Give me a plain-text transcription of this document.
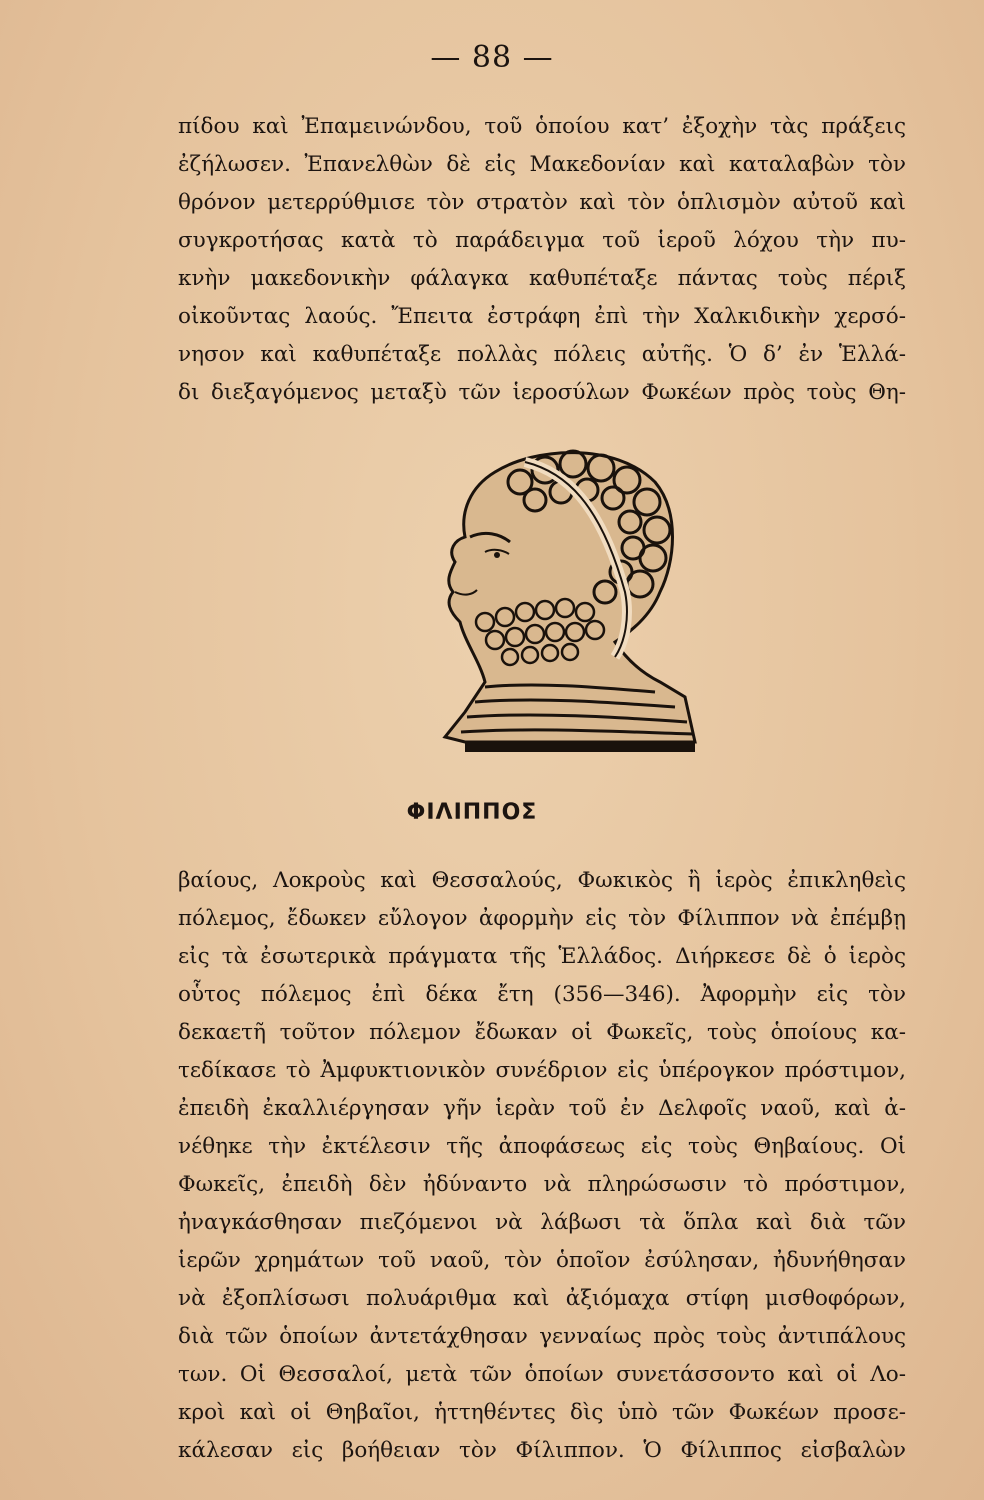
— 88 —
πίδου καὶ Ἐπαμεινώνδου, τοῦ ὁποίου κατ’ ἐξοχὴν τὰς πράξεις
ἐζήλωσεν. Ἐπανελθὼν δὲ εἰς Μακεδονίαν καὶ καταλαβὼν τὸν
θρόνον μετερρύθμισε τὸν στρατὸν καὶ τὸν ὁπλισμὸν αὐτοῦ καὶ
συγκροτήσας κατὰ τὸ παράδειγμα τοῦ ἱεροῦ λόχου τὴν πυ-
κνὴν μακεδονικὴν φάλαγκα καθυπέταξε πάντας τοὺς πέριξ
οἰκοῦντας λαούς. Ἔπειτα ἐστράφη ἐπὶ τὴν Χαλκιδικὴν χερσό-
νησον καὶ καθυπέταξε πολλὰς πόλεις αὐτῆς. Ὁ δ’ ἐν Ἑλλά-
δι διεξαγόμενος μεταξὺ τῶν ἱεροσύλων Φωκέων πρὸς τοὺς Θη-
ΦΙΛΙΠΠΟΣ
βαίους, Λοκροὺς καὶ Θεσσαλούς, Φωκικὸς ἢ ἱερὸς ἐπικληθεὶς
πόλεμος, ἔδωκεν εὔλογον ἀφορμὴν εἰς τὸν Φίλιππον νὰ ἐπέμβῃ
εἰς τὰ ἐσωτερικὰ πράγματα τῆς Ἑλλάδος. Διήρκεσε δὲ ὁ ἱερὸς
οὗτος πόλεμος ἐπὶ δέκα ἔτη (356—346). Ἀφορμὴν εἰς τὸν
δεκαετῆ τοῦτον πόλεμον ἔδωκαν οἱ Φωκεῖς, τοὺς ὁποίους κα-
τεδίκασε τὸ Ἀμφυκτιονικὸν συνέδριον εἰς ὑπέρογκον πρόστιμον,
ἐπειδὴ ἐκαλλιέργησαν γῆν ἱερὰν τοῦ ἐν Δελφοῖς ναοῦ, καὶ ἀ-
νέθηκε τὴν ἐκτέλεσιν τῆς ἀποφάσεως εἰς τοὺς Θηβαίους. Οἱ
Φωκεῖς, ἐπειδὴ δὲν ἠδύναντο νὰ πληρώσωσιν τὸ πρόστιμον,
ἠναγκάσθησαν πιεζόμενοι νὰ λάβωσι τὰ ὅπλα καὶ διὰ τῶν
ἱερῶν χρημάτων τοῦ ναοῦ, τὸν ὁποῖον ἐσύλησαν, ἠδυνήθησαν
νὰ ἐξοπλίσωσι πολυάριθμα καὶ ἀξιόμαχα στίφη μισθοφόρων,
διὰ τῶν ὁποίων ἀντετάχθησαν γενναίως πρὸς τοὺς ἀντιπάλους
των. Οἱ Θεσσαλοί, μετὰ τῶν ὁποίων συνετάσσοντο καὶ οἱ Λο-
κροὶ καὶ οἱ Θηβαῖοι, ἡττηθέντες δὶς ὑπὸ τῶν Φωκέων προσε-
κάλεσαν εἰς βοήθειαν τὸν Φίλιππον. Ὁ Φίλιππος εἰσβαλὼν
